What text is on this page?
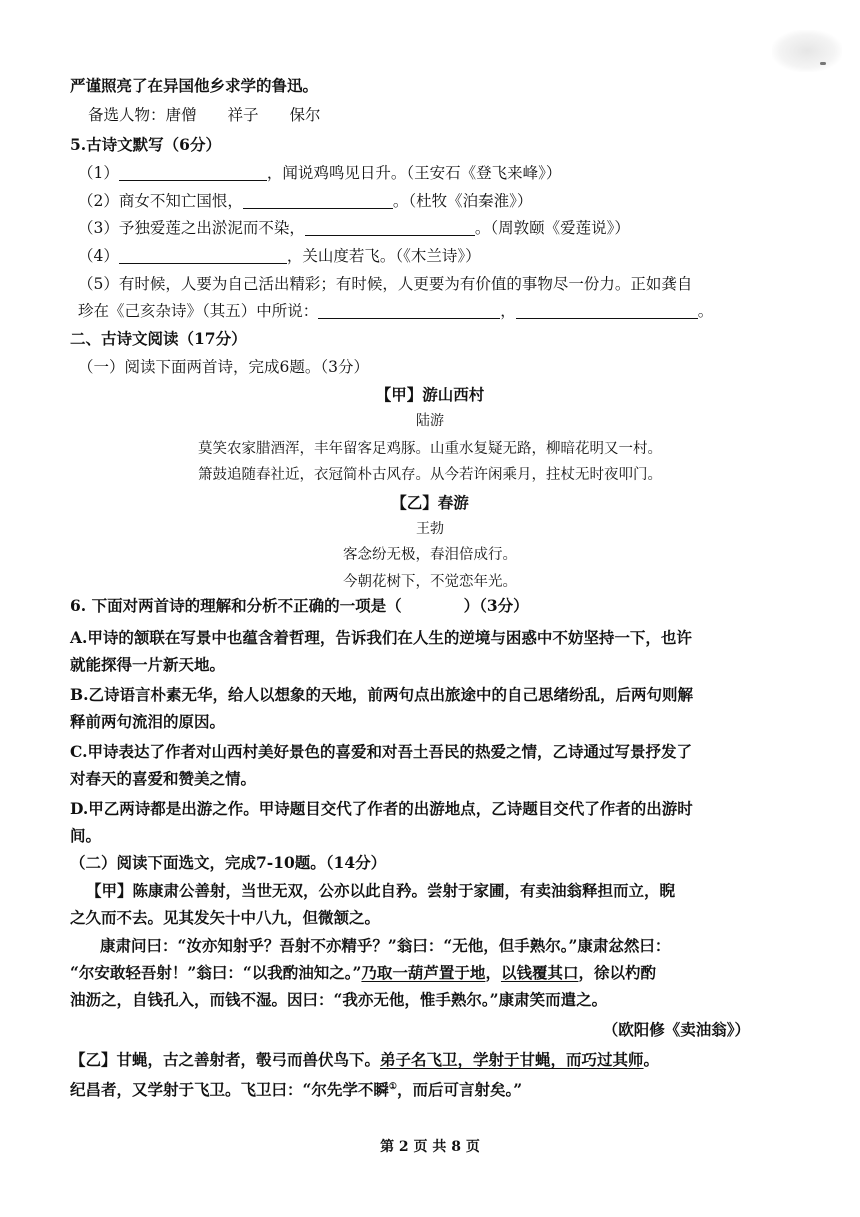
严谨照亮了在异国他乡求学的鲁迅。
备选人物：唐僧　　祥子　　保尔
5.古诗文默写（6分）
（1）	，闻说鸡鸣见日升。（王安石《登飞来峰》）
（2）商女不知亡国恨，	。（杜牧《泊秦淮》）
（3）予独爱莲之出淤泥而不染，	。（周敦颐《爱莲说》）
（4）	，关山度若飞。（《木兰诗》）
（5）有时候，人要为自己活出精彩；有时候，人更要为有价值的事物尽一份力。正如龚自
珍在《己亥杂诗》（其五）中所说：	，	。
二、古诗文阅读（17分）
（一）阅读下面两首诗，完成6题。（3分）
【甲】游山西村
陆游
莫笑农家腊酒浑，丰年留客足鸡豚。山重水复疑无路，柳暗花明又一村。
箫鼓追随春社近，衣冠简朴古风存。从今若许闲乘月，拄杖无时夜叩门。
【乙】春游
王勃
客念纷无极，春泪倍成行。
今朝花树下，不觉恋年光。
6. 下面对两首诗的理解和分析不正确的一项是（　　　　）（3分）
A.甲诗的颔联在写景中也蕴含着哲理，告诉我们在人生的逆境与困惑中不妨坚持一下，也许
就能探得一片新天地。
B.乙诗语言朴素无华，给人以想象的天地，前两句点出旅途中的自己思绪纷乱，后两句则解
释前两句流泪的原因。
C.甲诗表达了作者对山西村美好景色的喜爱和对吾土吾民的热爱之情，乙诗通过写景抒发了
对春天的喜爱和赞美之情。
D.甲乙两诗都是出游之作。甲诗题目交代了作者的出游地点，乙诗题目交代了作者的出游时
间。
（二）阅读下面选文，完成7-10题。（14分）
【甲】陈康肃公善射，当世无双，公亦以此自矜。尝射于家圃，有卖油翁释担而立，睨
之久而不去。见其发矢十中八九，但微颔之。
康肃问曰：“汝亦知射乎？吾射不亦精乎？”翁曰：“无他，但手熟尔。”康肃忿然曰：
“尔安敢轻吾射！”翁曰：“以我酌油知之。”乃取一葫芦置于地，以钱覆其口，徐以杓酌
油沥之，自钱孔入，而钱不湿。因曰：“我亦无他，惟手熟尔。”康肃笑而遣之。
（欧阳修《卖油翁》）
【乙】甘蝇，古之善射者，彀弓而兽伏鸟下。弟子名飞卫，学射于甘蝇，而巧过其师。
纪昌者，又学射于飞卫。飞卫曰：“尔先学不瞬①，而后可言射矣。”
第 2 页 共 8 页
